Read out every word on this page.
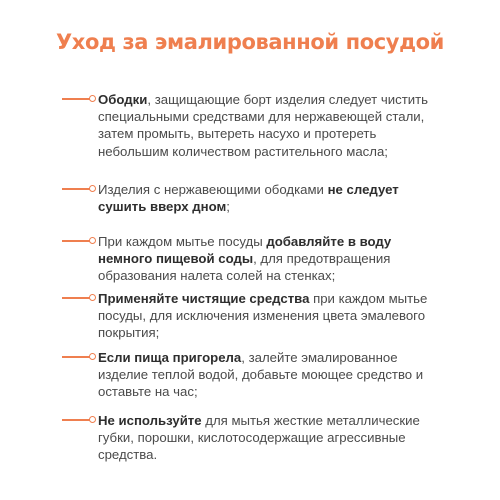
Уход за эмалированной посудой
Ободки, защищающие борт изделия следует чистить специальными средствами для нержавеющей стали, затем промыть, вытереть насухо и протереть небольшим количеством растительного масла;
Изделия с нержавеющими ободками не следует сушить вверх дном;
При каждом мытье посуды добавляйте в воду немного пищевой соды, для предотвращения образования налета солей на стенках;
Применяйте чистящие средства при каждом мытье посуды, для исключения изменения цвета эмалевого покрытия;
Если пища пригорела, залейте эмалированное изделие теплой водой, добавьте моющее средство и оставьте на час;
Не используйте для мытья жесткие металлические губки, порошки, кислотосодержащие агрессивные средства.
